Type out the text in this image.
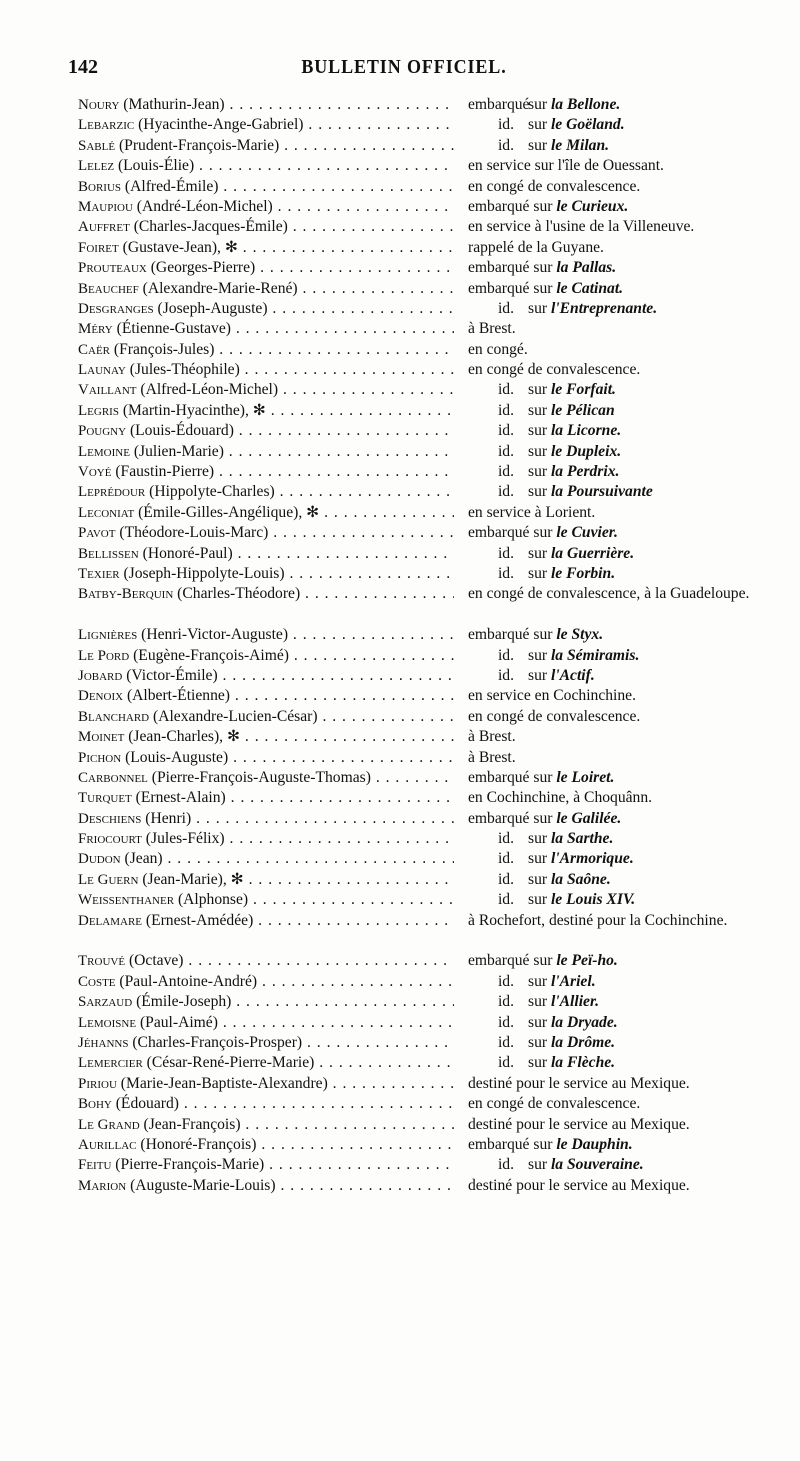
142	BULLETIN OFFICIEL.
Noury (Mathurin-Jean) . . .	embarquésur la Bellone.
Lebarzic (Hyacinthe-Ange-Gabriel) . . .	id. sur le Goëland.
Sablé (Prudent-François-Marie) . . .	id. sur le Milan.
Lelez (Louis-Élie) . . .	en service sur l'île de Ouessant.
Borius (Alfred-Émile) . . .	en congé de convalescence.
Maupiou (André-Léon-Michel) . . .	embarqué sur le Curieux.
Auffret (Charles-Jacques-Émile) . . .	en service à l'usine de la Villeneuve.
Foiret (Gustave-Jean), ✻ . . .	rappelé de la Guyane.
Prouteaux (Georges-Pierre) . . .	embarqué sur la Pallas.
Beauchef (Alexandre-Marie-René) . . .	embarqué sur le Catinat.
Desgranges (Joseph-Auguste) . . .	id. sur l'Entreprenante.
Méry (Étienne-Gustave) . . .	à Brest.
Caër (François-Jules) . . .	en congé.
Launay (Jules-Théophile) . . .	en congé de convalescence.
Vaillant (Alfred-Léon-Michel) . . .	id. sur le Forfait.
Legris (Martin-Hyacinthe), ✻ . . .	id. sur le Pélican
Pougny (Louis-Édouard) . . .	id. sur la Licorne.
Lemoine (Julien-Marie) . . .	id. sur le Dupleix.
Voyé (Faustin-Pierre) . . .	id. sur la Perdrix.
Leprédour (Hippolyte-Charles) . . .	id. sur la Poursuivante
Leconiat (Émile-Gilles-Angélique), ✻ . . .	en service à Lorient.
Pavot (Théodore-Louis-Marc) . . .	embarqué sur le Cuvier.
Bellissen (Honoré-Paul) . . .	id. sur la Guerrière.
Texier (Joseph-Hippolyte-Louis) . . .	id. sur le Forbin.
Batby-Berquin (Charles-Théodore) . . .	en congé de convalescence, à la Guadeloupe.
Lignières (Henri-Victor-Auguste) . . .	embarqué sur le Styx.
Le Pord (Eugène-François-Aimé) . . .	id. sur la Sémiramis.
Jobard (Victor-Émile) . . .	id. sur l'Actif.
Denoix (Albert-Étienne) . . .	en service en Cochinchine.
Blanchard (Alexandre-Lucien-César) . . .	en congé de convalescence.
Moinet (Jean-Charles), ✻ . . .	à Brest.
Pichon (Louis-Auguste) . . .	à Brest.
Carbonnel (Pierre-François-Auguste-Thomas) . . .	embarqué sur le Loiret.
Turquet (Ernest-Alain) . . .	en Cochinchine, à Choquânn.
Deschiens (Henri) . . .	embarqué sur le Galilée.
Friocourt (Jules-Félix) . . .	id. sur la Sarthe.
Dudon (Jean) . . .	id. sur l'Armorique.
Le Guern (Jean-Marie), ✻ . . .	id. sur la Saône.
Weissenthaner (Alphonse) . . .	id. sur le Louis XIV.
Delamare (Ernest-Amédée) . . .	à Rochefort, destiné pour la Cochinchine.
Trouvé (Octave) . . .	embarqué sur le Peï-ho.
Coste (Paul-Antoine-André) . . .	id. sur l'Ariel.
Sarzaud (Émile-Joseph) . . .	id. sur l'Allier.
Lemoisne (Paul-Aimé) . . .	id. sur la Dryade.
Jéhanns (Charles-François-Prosper) . . .	id. sur la Drôme.
Lemercier (César-René-Pierre-Marie) . . .	id. sur la Flèche.
Piriou (Marie-Jean-Baptiste-Alexandre) . . .	destiné pour le service au Mexique.
Bohy (Édouard) . . .	en congé de convalescence.
Le Grand (Jean-François) . . .	destiné pour le service au Mexique.
Aurillac (Honoré-François) . . .	embarqué sur le Dauphin.
Feitu (Pierre-François-Marie) . . .	id. sur la Souveraine.
Marion (Auguste-Marie-Louis) . . .	destiné pour le service au Mexique.
